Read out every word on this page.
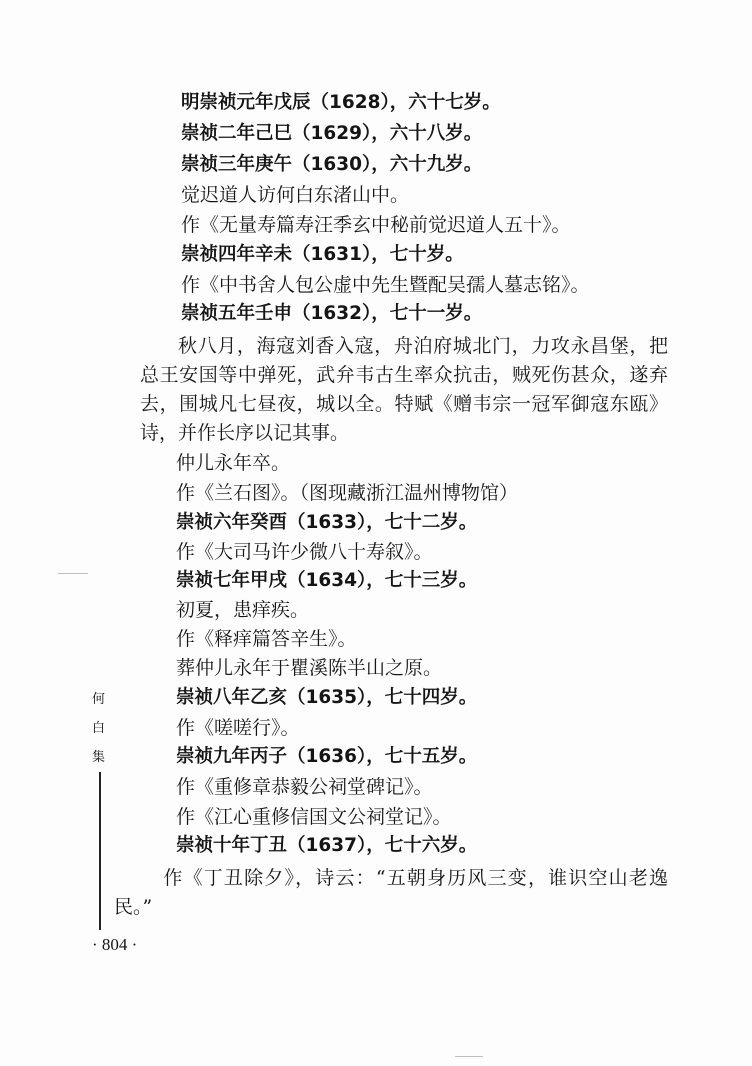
明崇祯元年戊辰（1628），六十七岁。
崇祯二年己巳（1629），六十八岁。
崇祯三年庚午（1630），六十九岁。
觉迟道人访何白东渚山中。
作《无量寿篇寿汪季玄中秘前觉迟道人五十》。
崇祯四年辛未（1631），七十岁。
作《中书舍人包公虚中先生暨配吴孺人墓志铭》。
崇祯五年壬申（1632），七十一岁。
秋八月，海寇刘香入寇，舟泊府城北门，力攻永昌堡，把总王安国等中弹死，武弁韦古生率众抗击，贼死伤甚众，遂弃去，围城凡七昼夜，城以全。特赋《赠韦宗一冠军御寇东瓯》诗，并作长序以记其事。
仲儿永年卒。
作《兰石图》。（图现藏浙江温州博物馆）
崇祯六年癸酉（1633），七十二岁。
作《大司马许少微八十寿叙》。
崇祯七年甲戌（1634），七十三岁。
初夏，患痒疾。
作《释痒篇答辛生》。
葬仲儿永年于瞿溪陈半山之原。
崇祯八年乙亥（1635），七十四岁。
作《嗟嗟行》。
崇祯九年丙子（1636），七十五岁。
作《重修章恭毅公祠堂碑记》。
作《江心重修信国文公祠堂记》。
崇祯十年丁丑（1637），七十六岁。
作《丁丑除夕》，诗云：“五朝身历风三变，谁识空山老逸民。”
何
白
集
· 804 ·
